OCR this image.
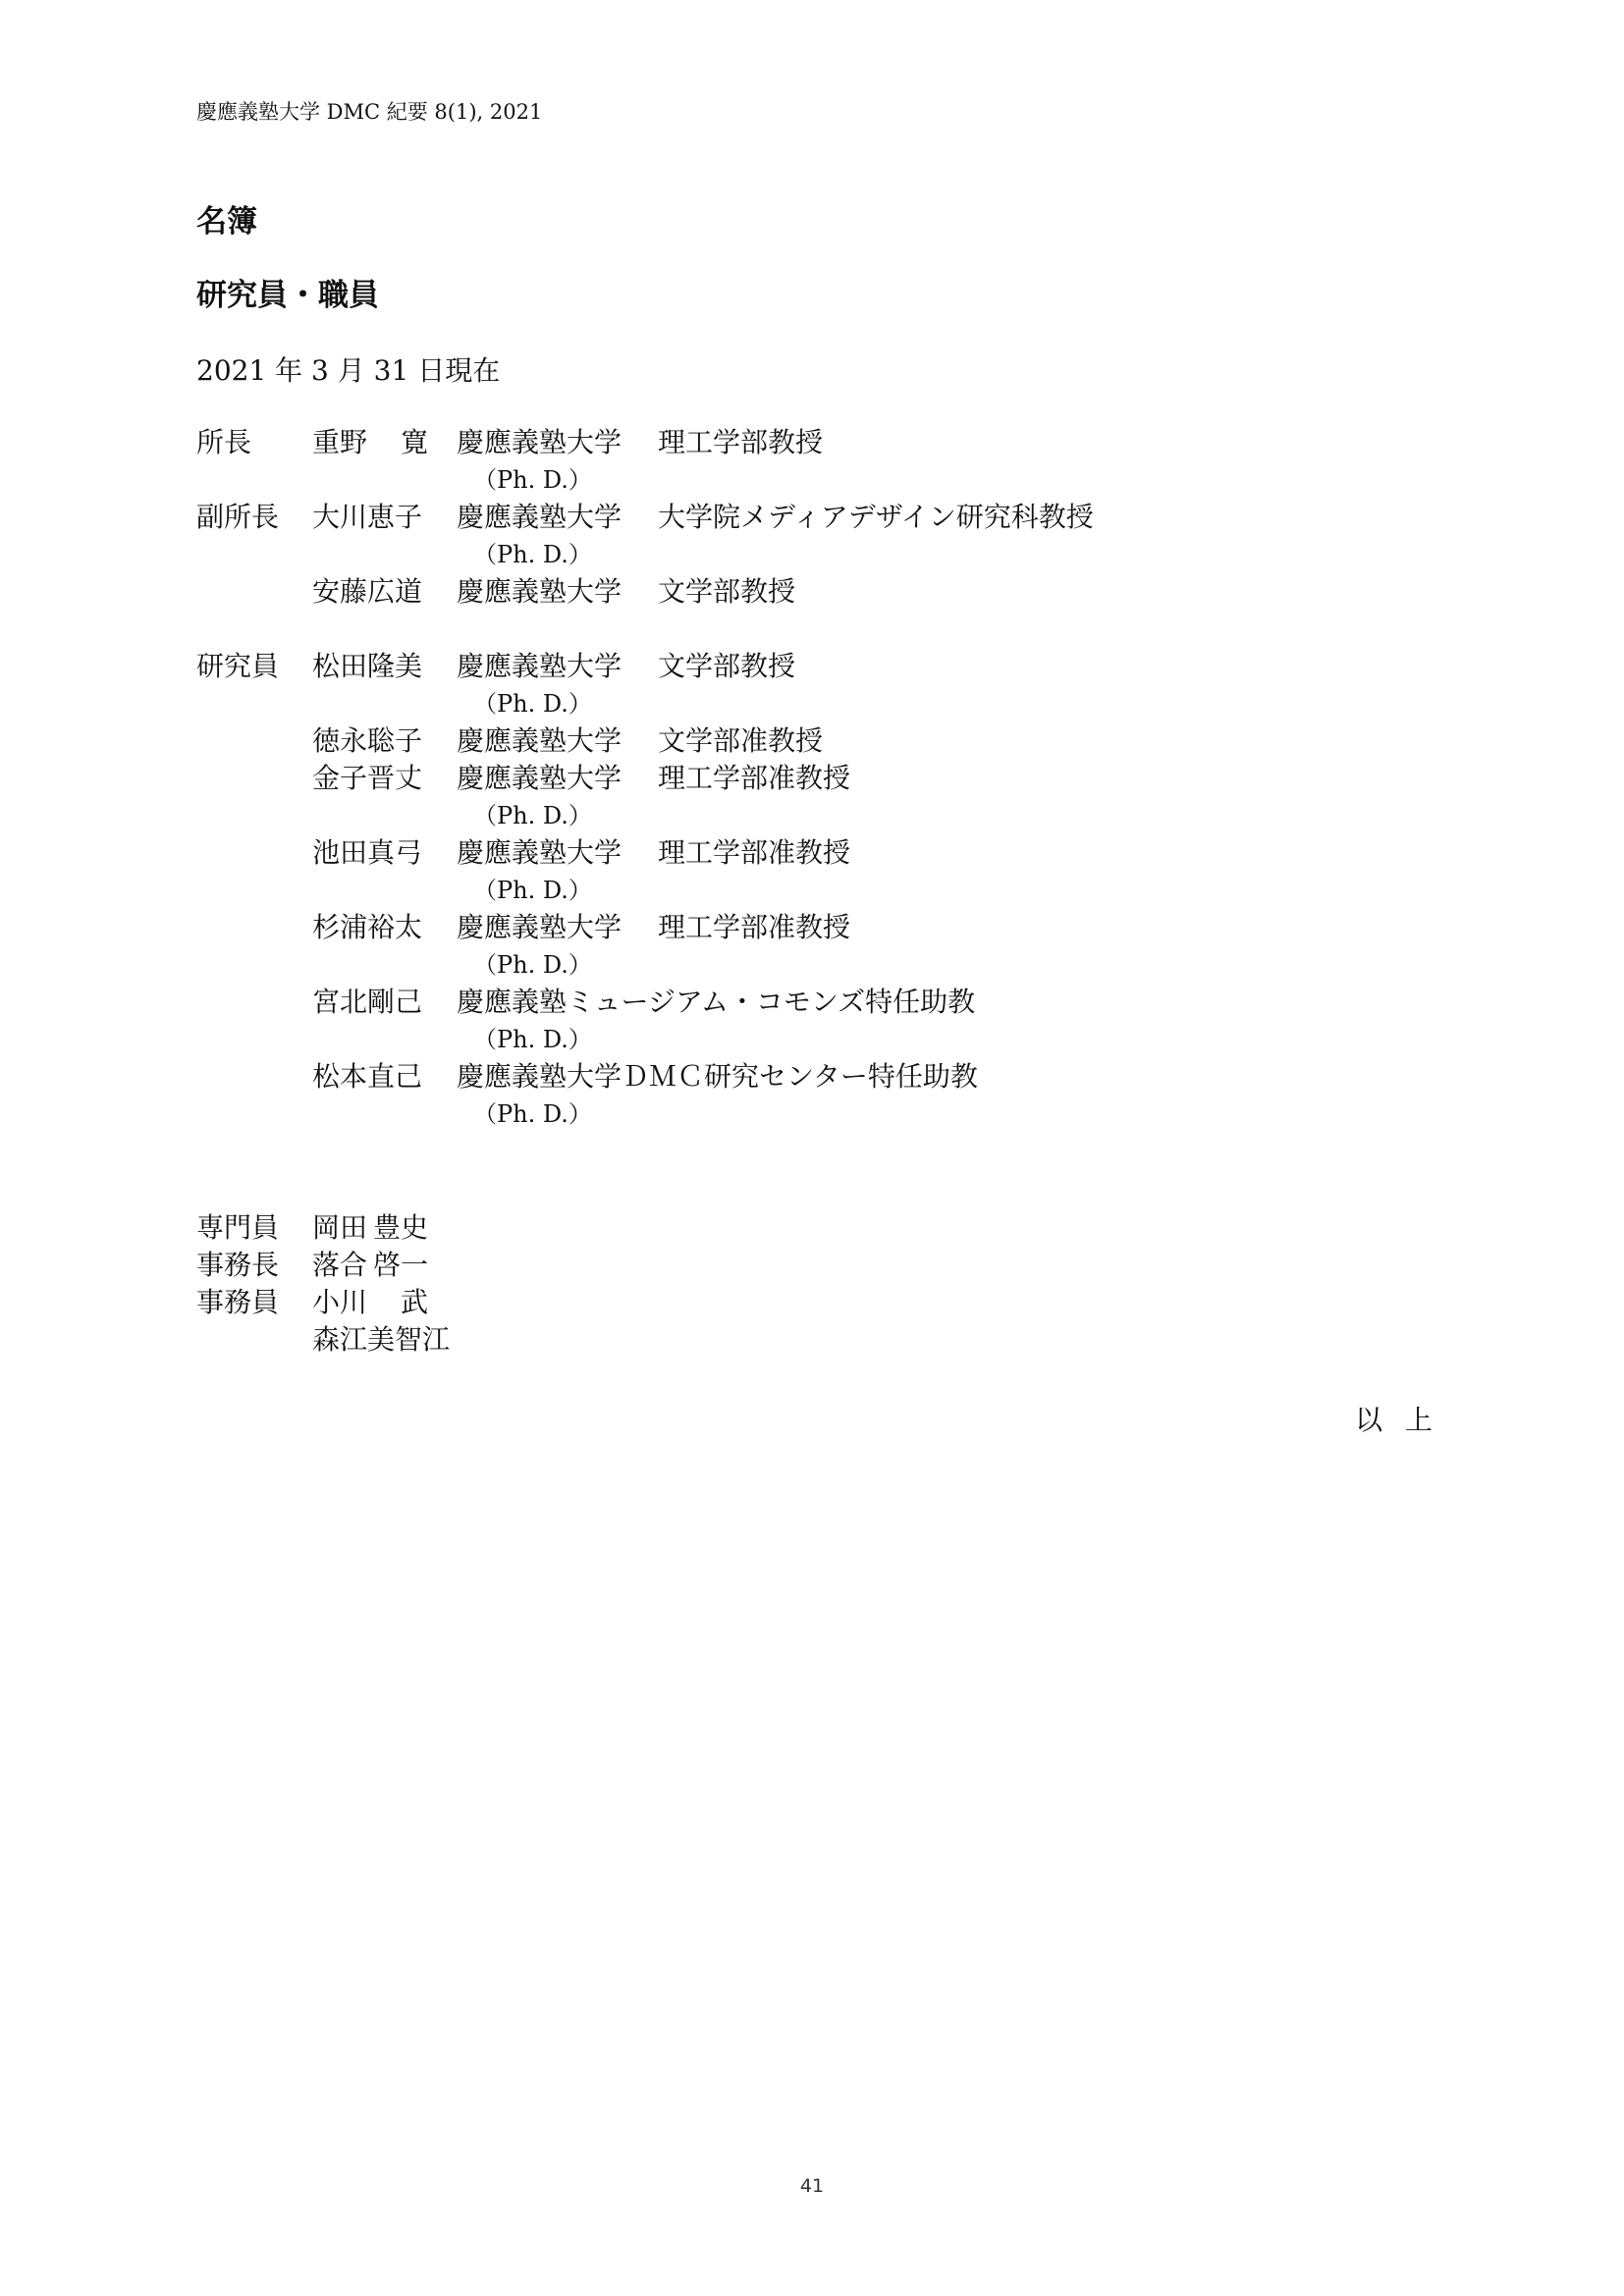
慶應義塾大学 DMC 紀要 8(1), 2021
名簿
研究員・職員
2021 年 3 月 31 日現在
所長 重野 寛 慶應義塾大学 理工学部教授
（Ph. D.）
副所長 大川恵子 慶應義塾大学 大学院メディアデザイン研究科教授
（Ph. D.）
安藤広道 慶應義塾大学 文学部教授
研究員 松田隆美 慶應義塾大学 文学部教授
（Ph. D.）
徳永聡子 慶應義塾大学 文学部准教授
金子晋丈 慶應義塾大学 理工学部准教授
（Ph. D.）
池田真弓 慶應義塾大学 理工学部准教授
（Ph. D.）
杉浦裕太 慶應義塾大学 理工学部准教授
（Ph. D.）
宮北剛己 慶應義塾ミュージアム・コモンズ特任助教
（Ph. D.）
松本直己 慶應義塾大学ＤＭＣ研究センター特任助教
（Ph. D.）
専門員 岡田 豊史
事務長 落合 啓一
事務員 小川 武
森江美智江
以 上
41
